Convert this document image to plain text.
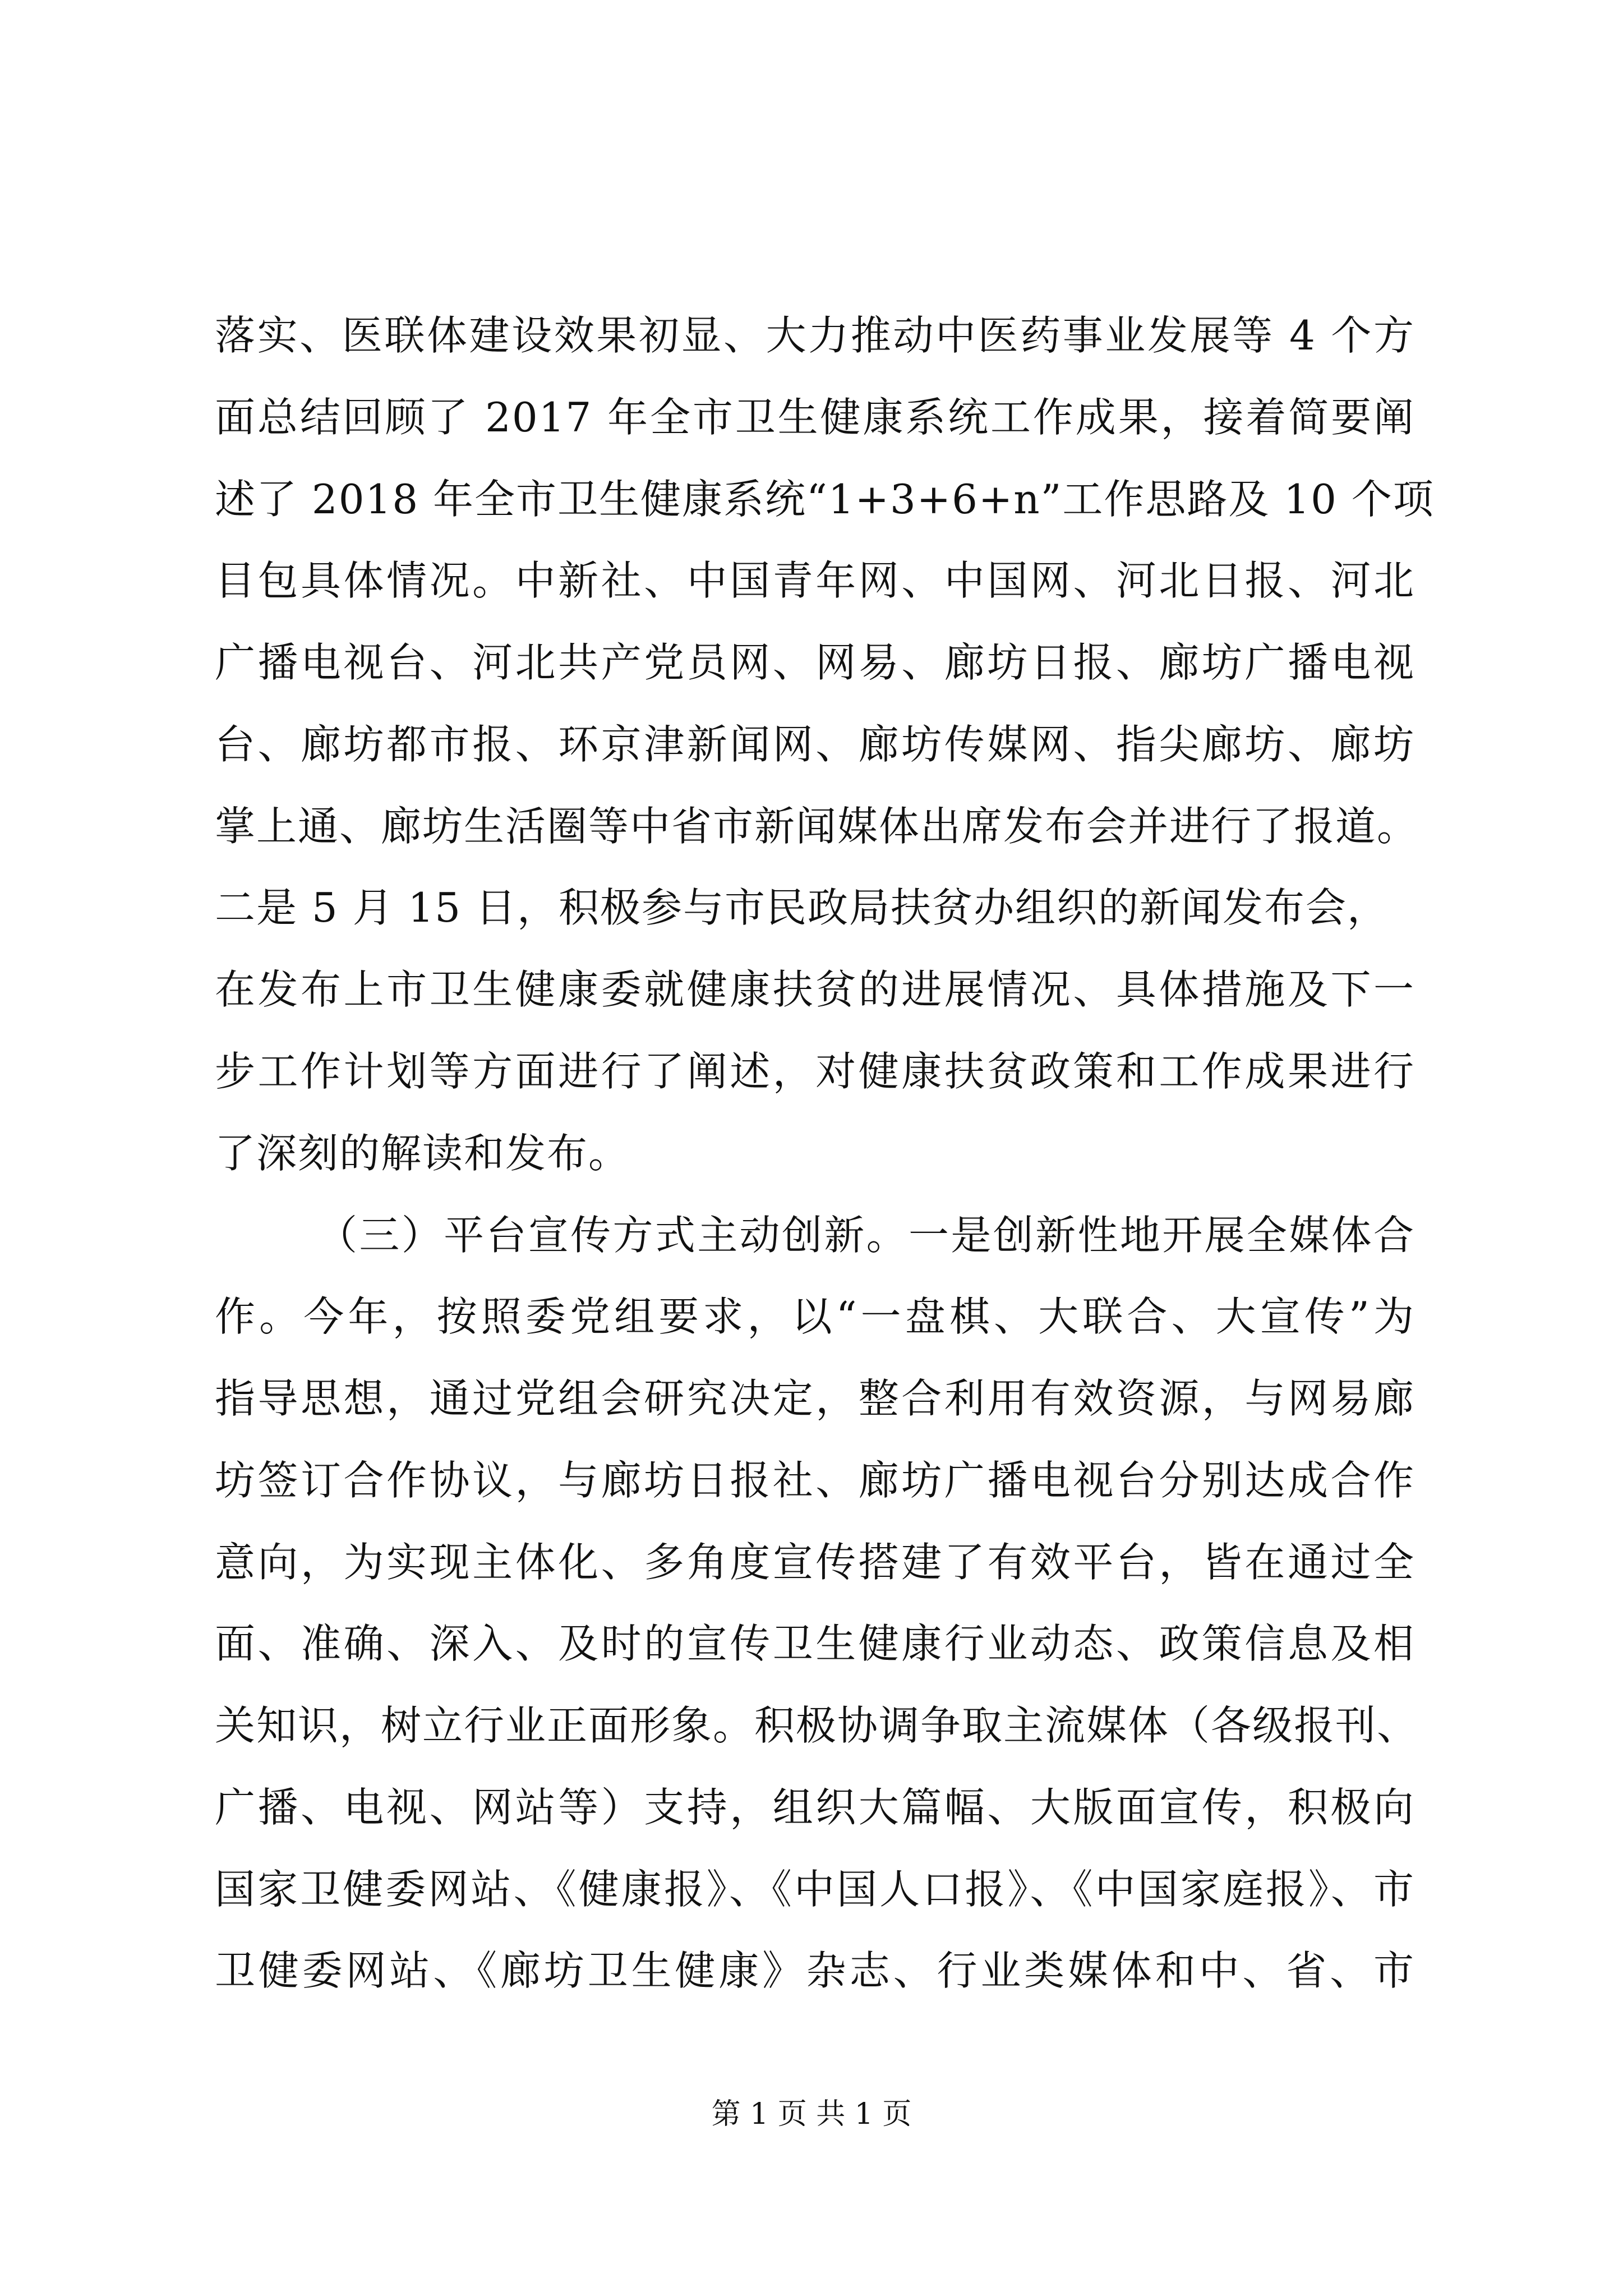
落实、医联体建设效果初显、大力推动中医药事业发展等 4 个方
面总结回顾了 2017 年全市卫生健康系统工作成果，接着简要阐
述了 2018 年全市卫生健康系统“1+3+6+n”工作思路及 10 个项
目包具体情况。中新社、中国青年网、中国网、河北日报、河北
广播电视台、河北共产党员网、网易、廊坊日报、廊坊广播电视
台、廊坊都市报、环京津新闻网、廊坊传媒网、指尖廊坊、廊坊
掌上通、廊坊生活圈等中省市新闻媒体出席发布会并进行了报道。
二是 5 月 15 日，积极参与市民政局扶贫办组织的新闻发布会，
在发布上市卫生健康委就健康扶贫的进展情况、具体措施及下一
步工作计划等方面进行了阐述，对健康扶贫政策和工作成果进行
了深刻的解读和发布。
（三）平台宣传方式主动创新。一是创新性地开展全媒体合
作。今年，按照委党组要求，以“一盘棋、大联合、大宣传”为
指导思想，通过党组会研究决定，整合利用有效资源，与网易廊
坊签订合作协议，与廊坊日报社、廊坊广播电视台分别达成合作
意向，为实现主体化、多角度宣传搭建了有效平台，皆在通过全
面、准确、深入、及时的宣传卫生健康行业动态、政策信息及相
关知识，树立行业正面形象。积极协调争取主流媒体（各级报刊、
广播、电视、网站等）支持，组织大篇幅、大版面宣传，积极向
国家卫健委网站、《健康报》、《中国人口报》、《中国家庭报》、市
卫健委网站、《廊坊卫生健康》杂志、行业类媒体和中、省、市
第 1 页 共 1 页
